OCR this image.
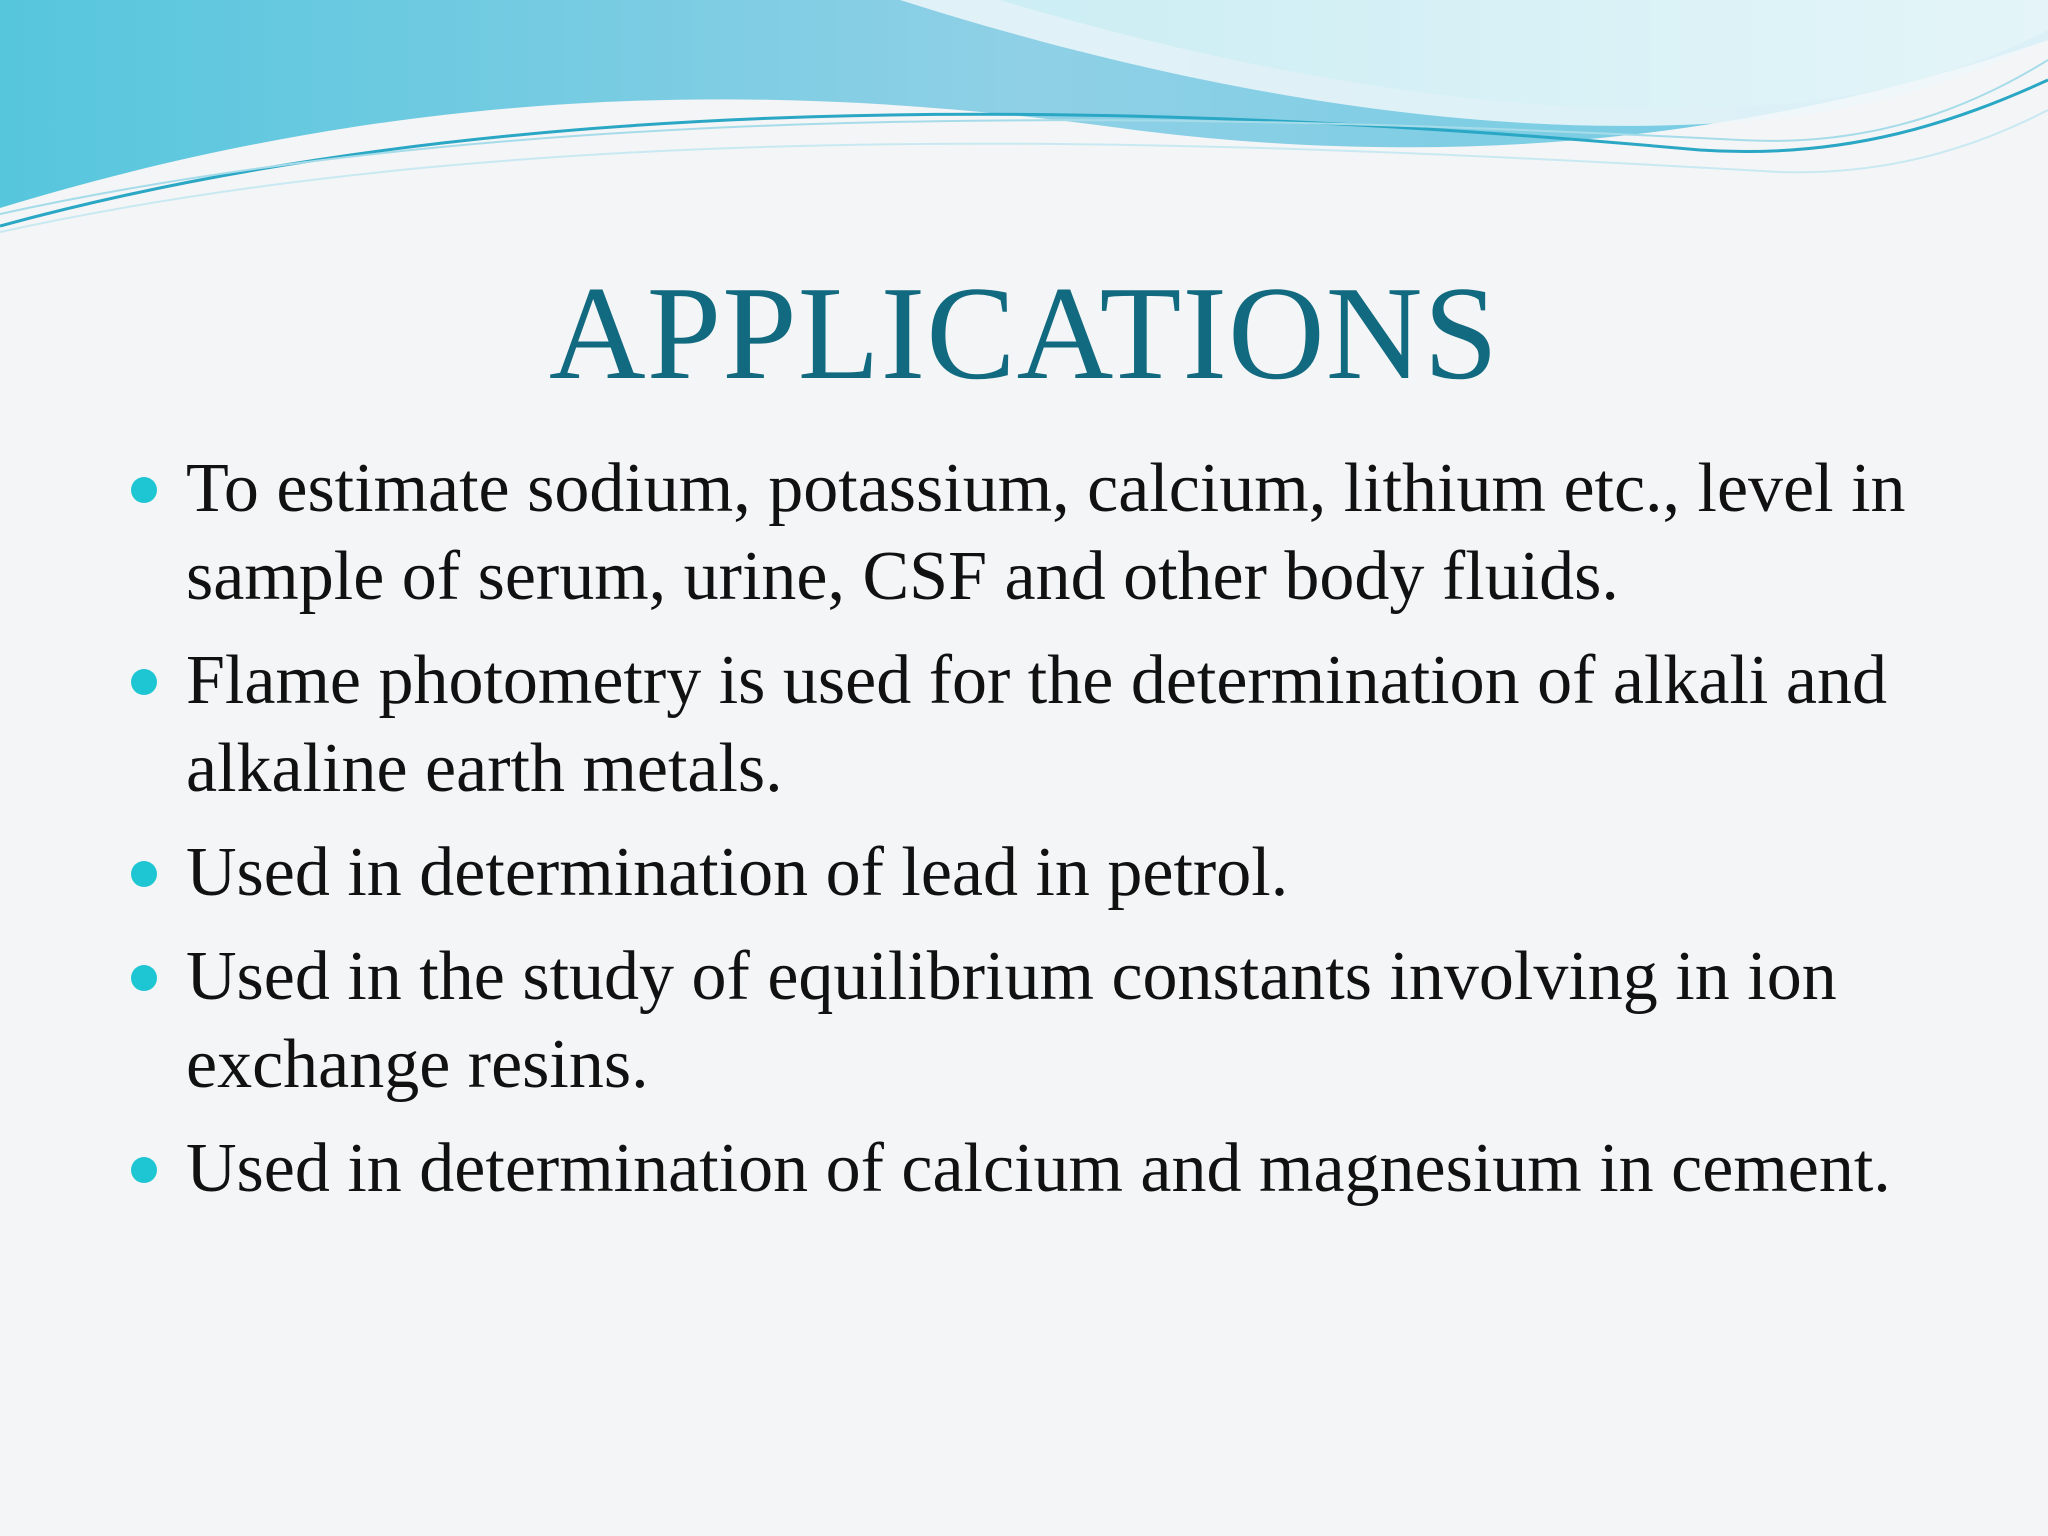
APPLICATIONS
To estimate sodium, potassium, calcium, lithium etc., level in sample of serum, urine, CSF and other body fluids.
Flame photometry is used for the determination of alkali and alkaline earth metals.
Used in determination of lead in petrol.
Used in the study of equilibrium constants involving in ion exchange resins.
Used in determination of calcium and magnesium in cement.
